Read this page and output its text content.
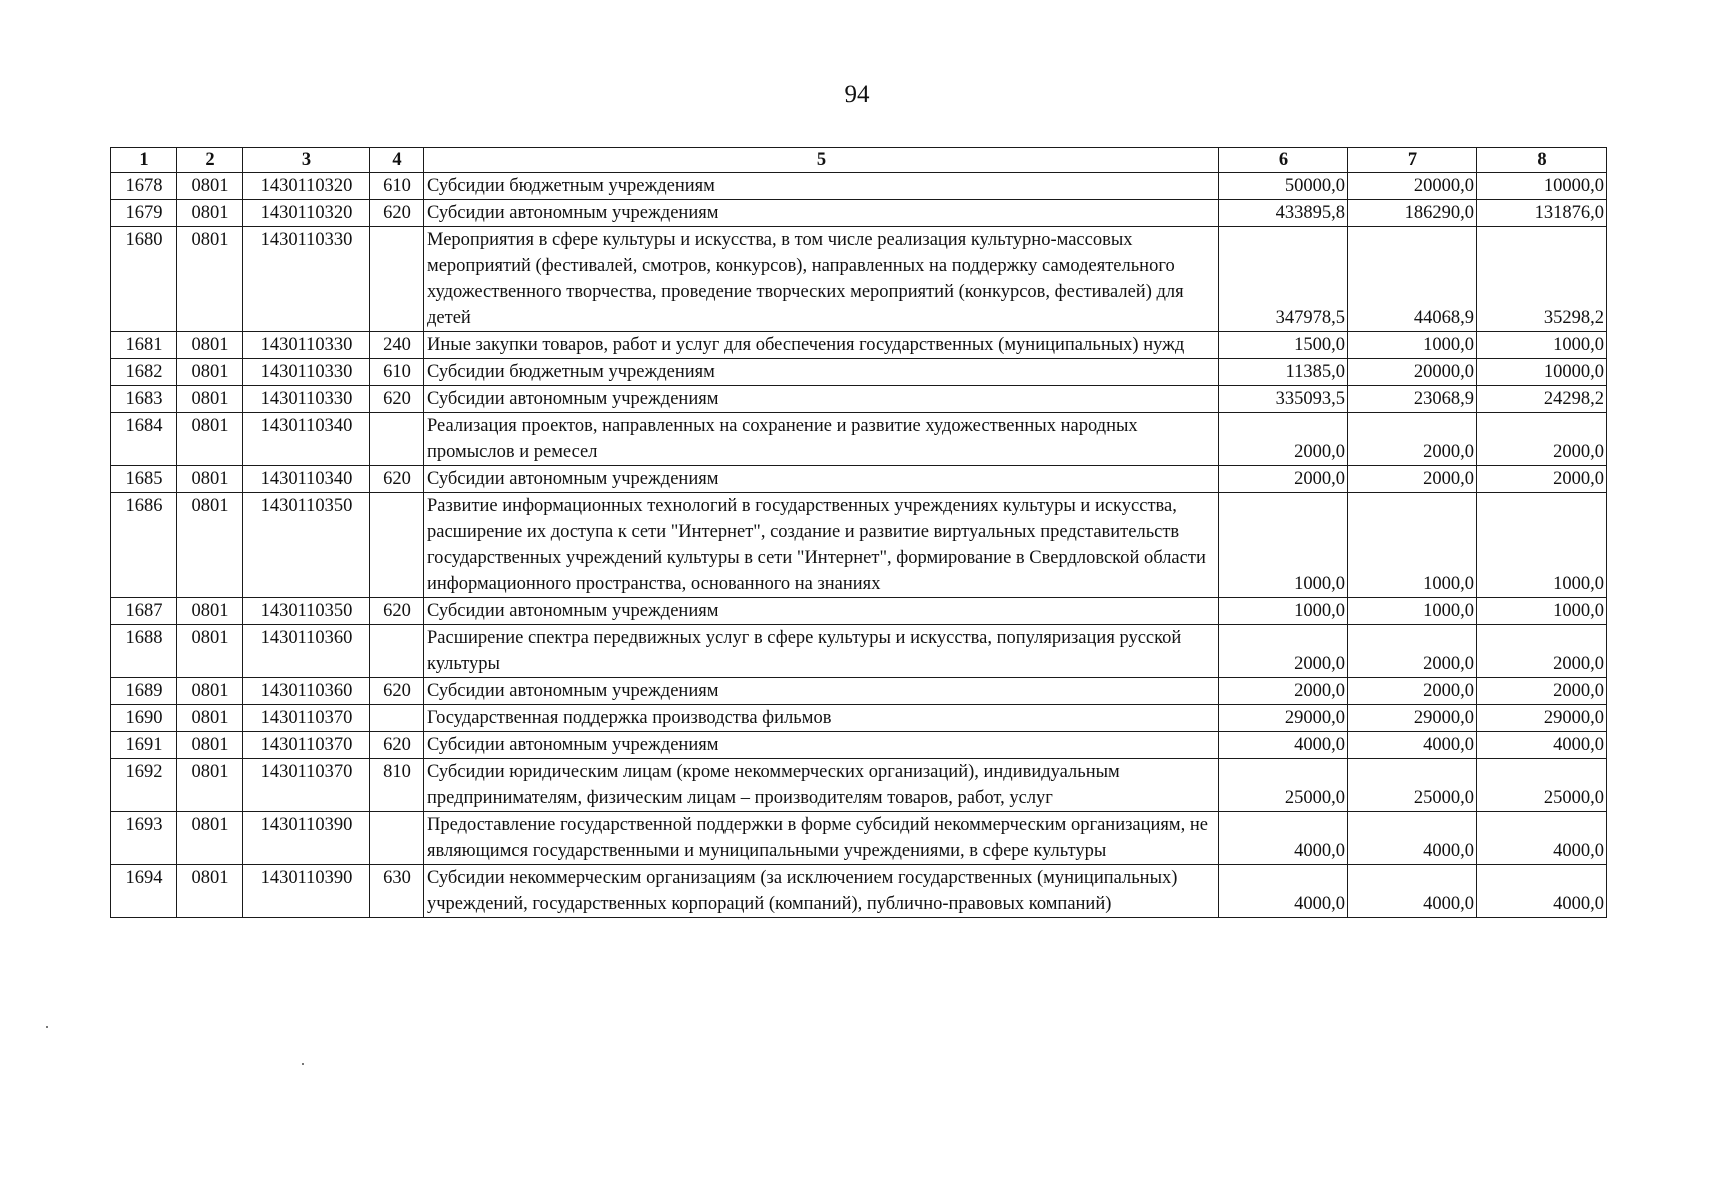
94
1	2	3	4	5	6	7	8
1678	0801	1430110320	610	Субсидии бюджетным учреждениям	50000,0	20000,0	10000,0
1679	0801	1430110320	620	Субсидии автономным учреждениям	433895,8	186290,0	131876,0
1680	0801	1430110330		Мероприятия в сфере культуры и искусства, в том числе реализация культурно-массовых мероприятий (фестивалей, смотров, конкурсов), направленных на поддержку самодеятельного художественного творчества, проведение творческих мероприятий (конкурсов, фестивалей) для детей	347978,5	44068,9	35298,2
1681	0801	1430110330	240	Иные закупки товаров, работ и услуг для обеспечения государственных (муниципальных) нужд	1500,0	1000,0	1000,0
1682	0801	1430110330	610	Субсидии бюджетным учреждениям	11385,0	20000,0	10000,0
1683	0801	1430110330	620	Субсидии автономным учреждениям	335093,5	23068,9	24298,2
1684	0801	1430110340		Реализация проектов, направленных на сохранение и развитие художественных народных промыслов и ремесел	2000,0	2000,0	2000,0
1685	0801	1430110340	620	Субсидии автономным учреждениям	2000,0	2000,0	2000,0
1686	0801	1430110350		Развитие информационных технологий в государственных учреждениях культуры и искусства, расширение их доступа к сети "Интернет", создание и развитие виртуальных представительств государственных учреждений культуры в сети "Интернет", формирование в Свердловской области информационного пространства, основанного на знаниях	1000,0	1000,0	1000,0
1687	0801	1430110350	620	Субсидии автономным учреждениям	1000,0	1000,0	1000,0
1688	0801	1430110360		Расширение спектра передвижных услуг в сфере культуры и искусства, популяризация русской культуры	2000,0	2000,0	2000,0
1689	0801	1430110360	620	Субсидии автономным учреждениям	2000,0	2000,0	2000,0
1690	0801	1430110370		Государственная поддержка производства фильмов	29000,0	29000,0	29000,0
1691	0801	1430110370	620	Субсидии автономным учреждениям	4000,0	4000,0	4000,0
1692	0801	1430110370	810	Субсидии юридическим лицам (кроме некоммерческих организаций), индивидуальным предпринимателям, физическим лицам – производителям товаров, работ, услуг	25000,0	25000,0	25000,0
1693	0801	1430110390		Предоставление государственной поддержки в форме субсидий некоммерческим организациям, не являющимся государственными и муниципальными учреждениями, в сфере культуры	4000,0	4000,0	4000,0
1694	0801	1430110390	630	Субсидии некоммерческим организациям (за исключением государственных (муниципальных) учреждений, государственных корпораций (компаний), публично-правовых компаний)	4000,0	4000,0	4000,0
